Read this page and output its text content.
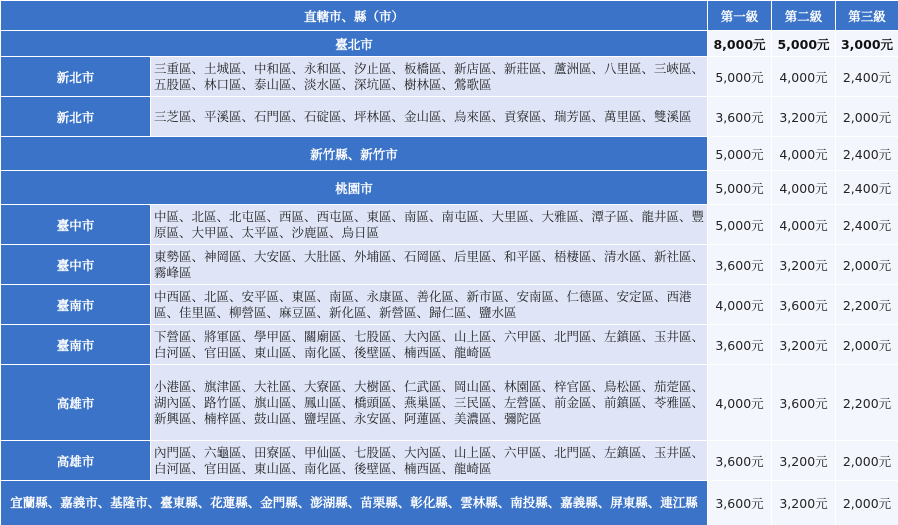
直轄市、縣（市）		第一級	第二級	第三級
臺北市		8,000元	5,000元	3,000元
新北市	三重區、土城區、中和區、永和區、汐止區、板橋區、新店區、新莊區、蘆洲區、八里區、三峽區、五股區、林口區、泰山區、淡水區、深坑區、樹林區、鶯歌區	5,000元	4,000元	2,400元
新北市	三芝區、平溪區、石門區、石碇區、坪林區、金山區、烏來區、貢寮區、瑞芳區、萬里區、雙溪區	3,600元	3,200元	2,000元
新竹縣、新竹市		5,000元	4,000元	2,400元
桃園市		5,000元	4,000元	2,400元
臺中市	中區、北區、北屯區、西區、西屯區、東區、南區、南屯區、大里區、大雅區、潭子區、龍井區、豐原區、大甲區、太平區、沙鹿區、烏日區	5,000元	4,000元	2,400元
臺中市	東勢區、神岡區、大安區、大肚區、外埔區、石岡區、后里區、和平區、梧棲區、清水區、新社區、霧峰區	3,600元	3,200元	2,000元
臺南市	中西區、北區、安平區、東區、南區、永康區、善化區、新市區、安南區、仁德區、安定區、西港區、佳里區、柳營區、麻豆區、新化區、新營區、歸仁區、鹽水區	4,000元	3,600元	2,200元
臺南市	下營區、將軍區、學甲區、關廟區、七股區、大內區、山上區、六甲區、北門區、左鎮區、玉井區、白河區、官田區、東山區、南化區、後壁區、楠西區、龍崎區	3,600元	3,200元	2,000元
高雄市	小港區、旗津區、大社區、大寮區、大樹區、仁武區、岡山區、林園區、梓官區、鳥松區、茄萣區、湖內區、路竹區、旗山區、鳳山區、橋頭區、燕巢區、三民區、左營區、前金區、前鎮區、苓雅區、新興區、楠梓區、鼓山區、鹽埕區、永安區、阿蓮區、美濃區、彌陀區	4,000元	3,600元	2,200元
高雄市	內門區、六龜區、田寮區、甲仙區、七股區、大內區、山上區、六甲區、北門區、左鎮區、玉井區、白河區、官田區、東山區、南化區、後壁區、楠西區、龍崎區	3,600元	3,200元	2,000元
宜蘭縣、嘉義市、基隆市、臺東縣、花蓮縣、金門縣、澎湖縣、苗栗縣、彰化縣、雲林縣、南投縣、嘉義縣、屏東縣、連江縣		3,600元	3,200元	2,000元
